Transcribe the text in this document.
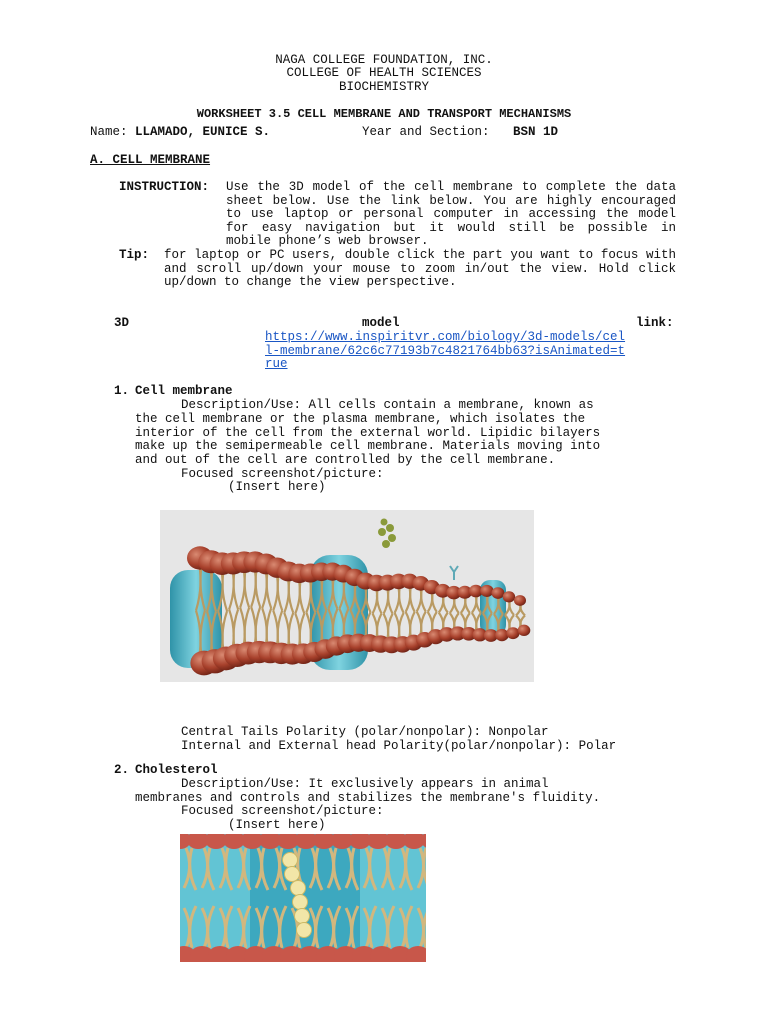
NAGA COLLEGE FOUNDATION, INC.
COLLEGE OF HEALTH SCIENCES
BIOCHEMISTRY
WORKSHEET 3.5 CELL MEMBRANE AND TRANSPORT MECHANISMS
Name: LLAMADO, EUNICE S.	Year and Section: BSN 1D
A. CELL MEMBRANE
INSTRUCTION: Use the 3D model of the cell membrane to complete the data sheet below. Use the link below. You are highly encouraged to use laptop or personal computer in accessing the model for easy navigation but it would still be possible in mobile phone’s web browser.
Tip: for laptop or PC users, double click the part you want to focus with and scroll up/down your mouse to zoom in/out the view. Hold click up/down to change the view perspective.
3D	model	link:
https://www.inspiritvr.com/biology/3d-models/cel
l-membrane/62c6c77193b7c4821764bb63?isAnimated=t
rue
1. Cell membrane
Description/Use: All cells contain a membrane, known as
the cell membrane or the plasma membrane, which isolates the
interior of the cell from the external world. Lipidic bilayers
make up the semipermeable cell membrane. Materials moving into
and out of the cell are controlled by the cell membrane.
Focused screenshot/picture:
(Insert here)
Central Tails Polarity (polar/nonpolar): Nonpolar
Internal and External head Polarity(polar/nonpolar): Polar
2. Cholesterol
Description/Use: It exclusively appears in animal
membranes and controls and stabilizes the membrane's fluidity.
Focused screenshot/picture:
(Insert here)
